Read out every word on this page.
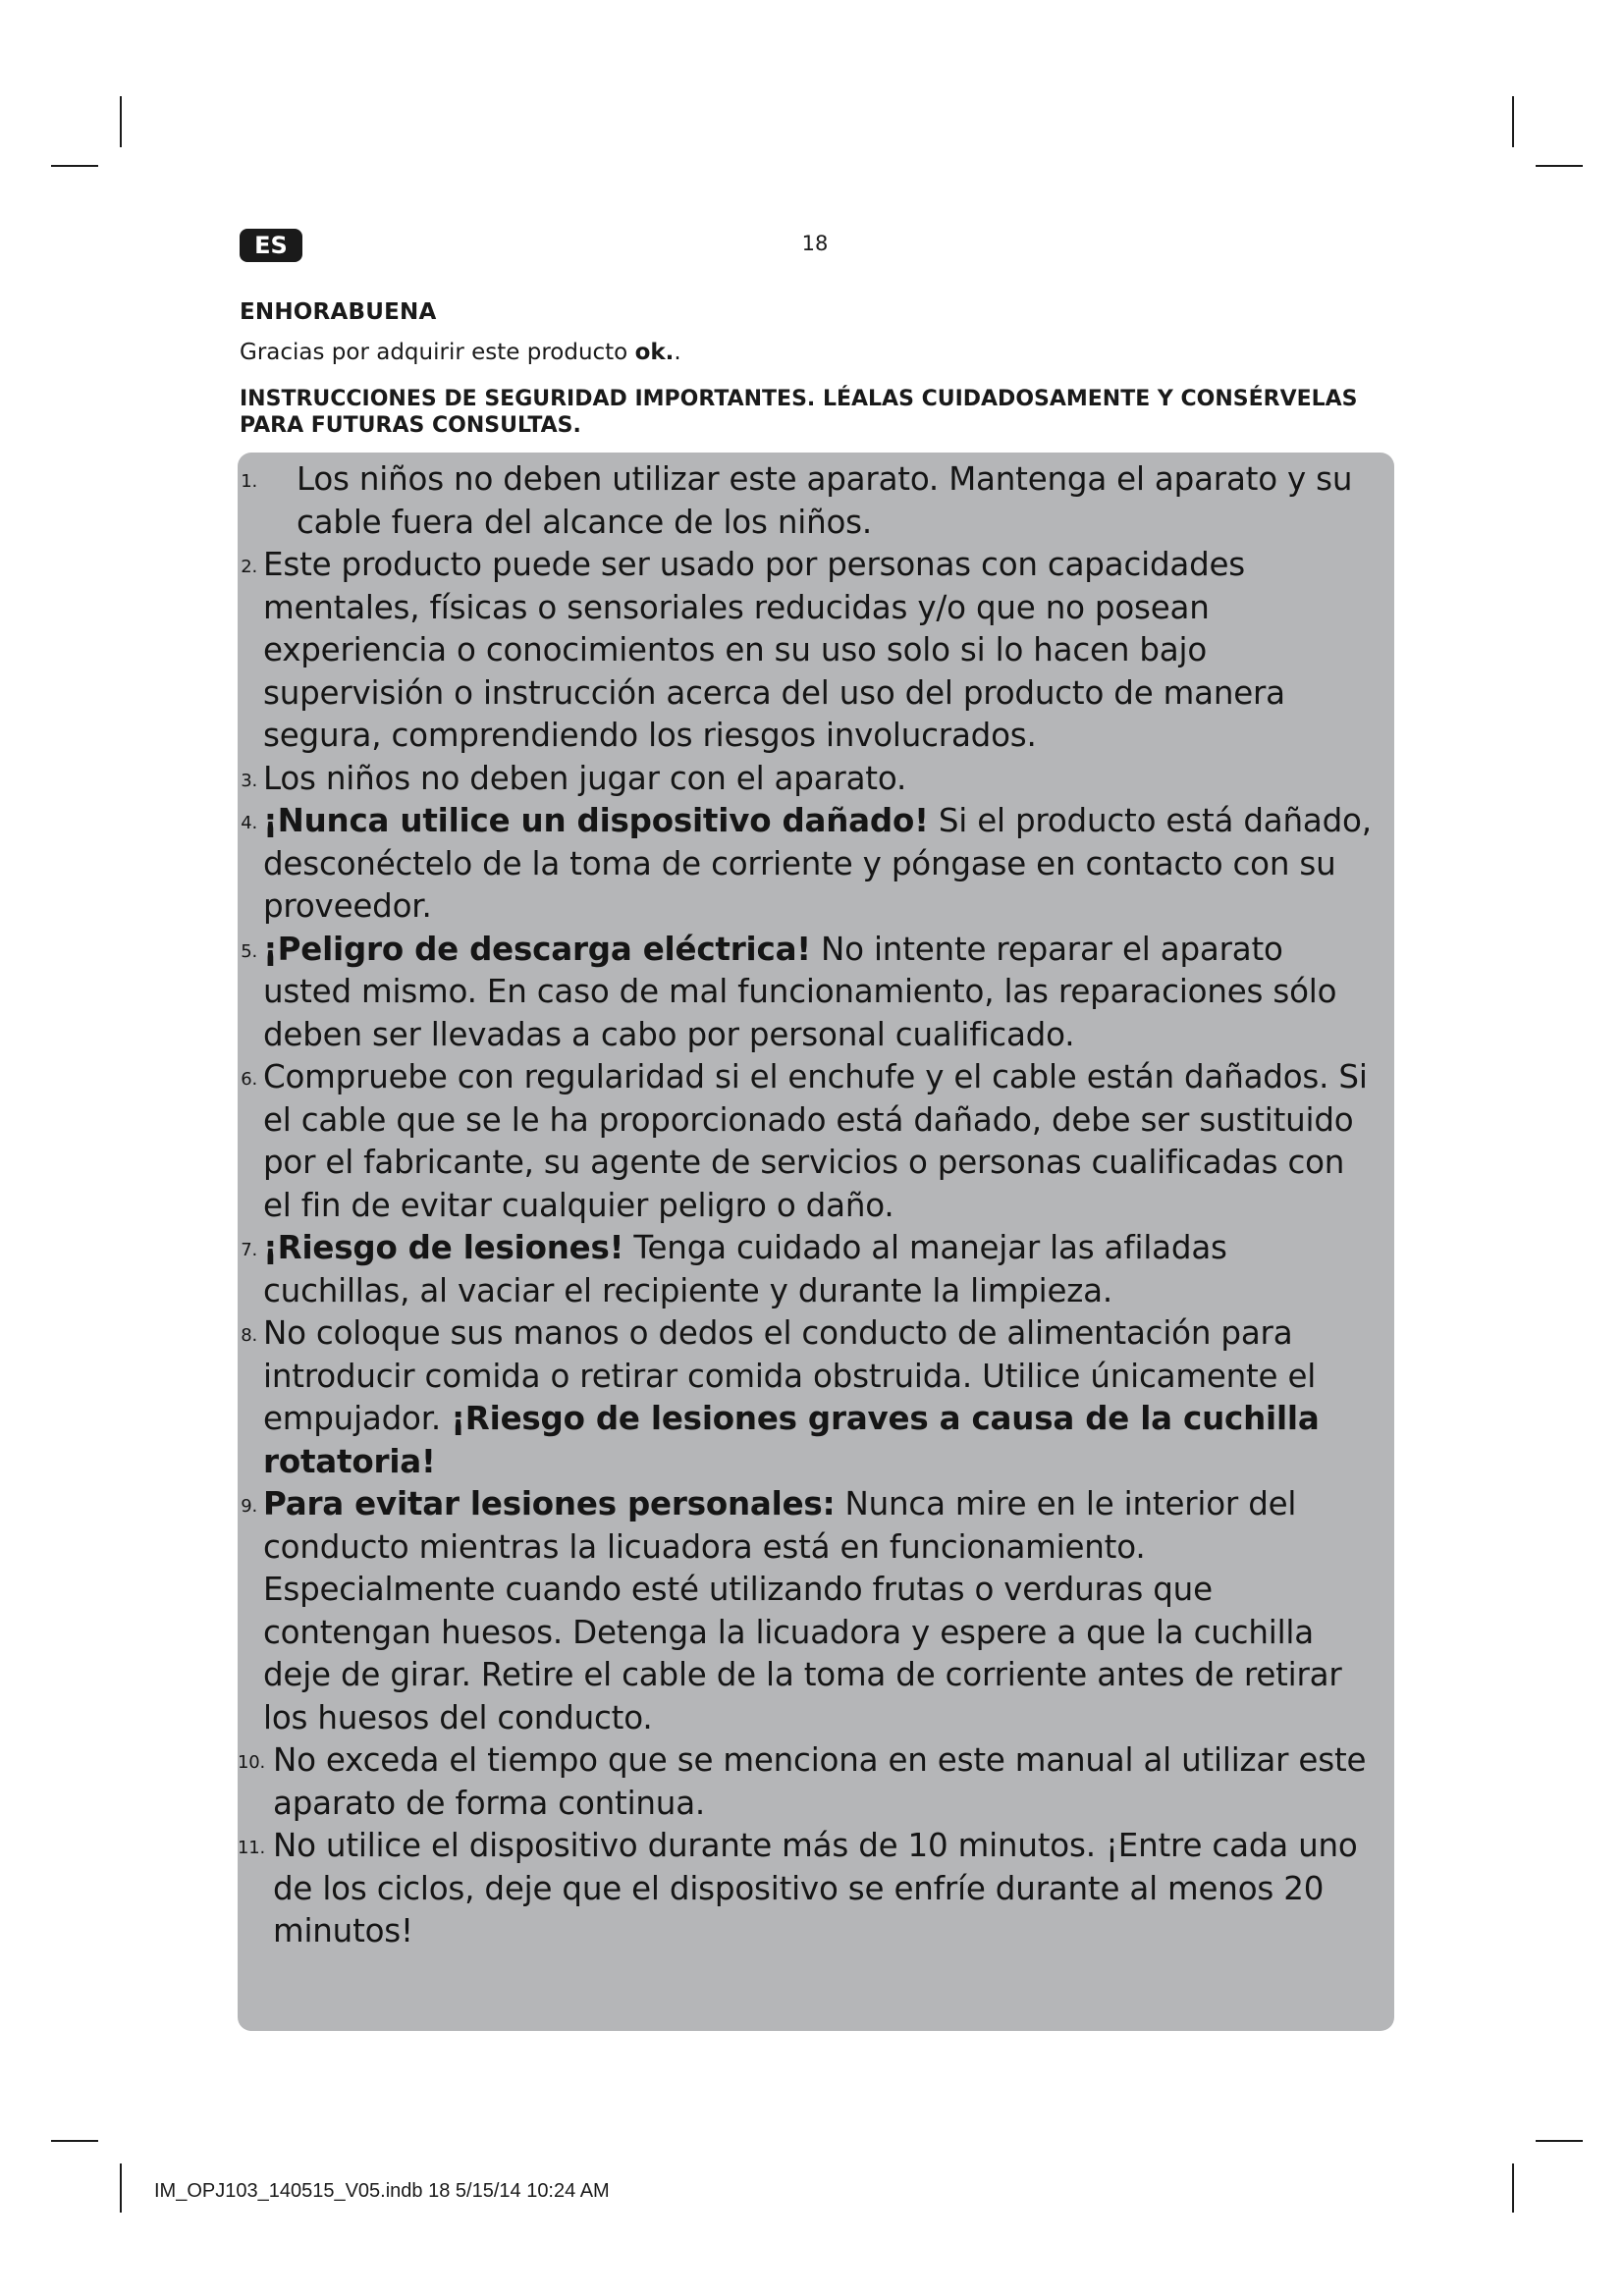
ES	18
ENHORABUENA
Gracias por adquirir este producto ok..
INSTRUCCIONES DE SEGURIDAD IMPORTANTES. LÉALAS CUIDADOSAMENTE Y CONSÉRVELAS PARA FUTURAS CONSULTAS.
1. Los niños no deben utilizar este aparato. Mantenga el aparato y su cable fuera del alcance de los niños.
2. Este producto puede ser usado por personas con capacidades mentales, físicas o sensoriales reducidas y/o que no posean experiencia o conocimientos en su uso solo si lo hacen bajo supervisión o instrucción acerca del uso del producto de manera segura, comprendiendo los riesgos involucrados.
3. Los niños no deben jugar con el aparato.
4. ¡Nunca utilice un dispositivo dañado! Si el producto está dañado, desconéctelo de la toma de corriente y póngase en contacto con su proveedor.
5. ¡Peligro de descarga eléctrica! No intente reparar el aparato usted mismo. En caso de mal funcionamiento, las reparaciones sólo deben ser llevadas a cabo por personal cualificado.
6. Compruebe con regularidad si el enchufe y el cable están dañados. Si el cable que se le ha proporcionado está dañado, debe ser sustituido por el fabricante, su agente de servicios o personas cualificadas con el fin de evitar cualquier peligro o daño.
7. ¡Riesgo de lesiones! Tenga cuidado al manejar las afiladas cuchillas, al vaciar el recipiente y durante la limpieza.
8. No coloque sus manos o dedos el conducto de alimentación para introducir comida o retirar comida obstruida. Utilice únicamente el empujador. ¡Riesgo de lesiones graves a causa de la cuchilla rotatoria!
9. Para evitar lesiones personales: Nunca mire en le interior del conducto mientras la licuadora está en funcionamiento. Especialmente cuando esté utilizando frutas o verduras que contengan huesos. Detenga la licuadora y espere a que la cuchilla deje de girar. Retire el cable de la toma de corriente antes de retirar los huesos del conducto.
10. No exceda el tiempo que se menciona en este manual al utilizar este aparato de forma continua.
11. No utilice el dispositivo durante más de 10 minutos. ¡Entre cada uno de los ciclos, deje que el dispositivo se enfríe durante al menos 20 minutos!
IM_OPJ103_140515_V05.indb 18 5/15/14 10:24 AM
